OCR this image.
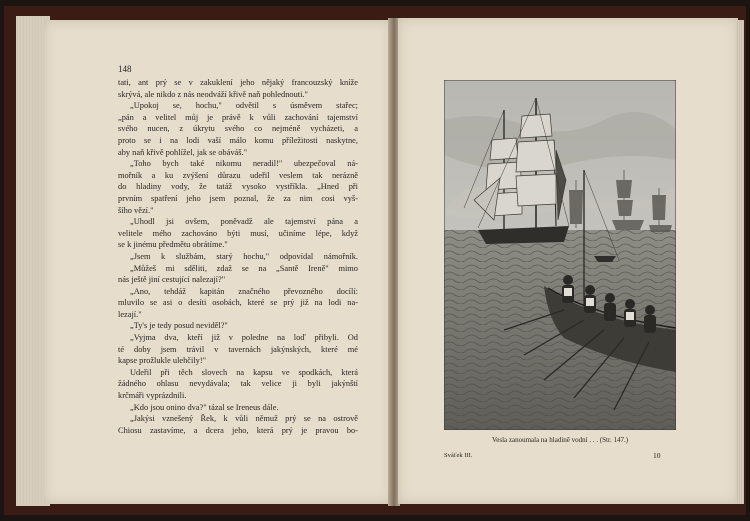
148
tati, ant prý se v zakuklení jeho nějaký francouzský kníže
skrývá, ale nikdo z nás neodváží křivě naň pohlednouti."
„Upokoj se, hochu," odvětil s úsměvem stařec;
„pán a velitel můj je právě k vůli zachování tajemství
svého nucen, z úkrytu svého co nejméně vycházeti, a
proto se i na lodi vaší málo komu příležitosti naskytne,
aby naň křivě pohlížel, jak se obáváš."
„Toho bych také nikomu neradil!" ubezpečoval ná-
mořník a ku zvýšení důrazu udeřil veslem tak nerázně
do hladiny vody, že tatáž vysoko vystříkla. „Hned při
prvním spatření jeho jsem poznal, že za nim cosi vyš-
šího vězí."
„Uhodl jsi ovšem, poněvadž ale tajemství pána a
velitele mého zachováno býti musí, učiníme lépe, když
se k jinému předmětu obrátíme."
„Jsem k službám, starý hochu," odpovídal námořník.
„Můžeš mi sděliti, zdaž se na „Santě Ireně" mimo
nás ještě jiní cestující nalezají?"
„Ano, tehdáž kapitán značného převozného docílí:
mluvilo se asi o desíti osobách, které se prý již na lodi na-
lezají."
„Ty's je tedy posud neviděl?"
„Vyjma dva, kteří již v poledne na loď přibyli. Od
té doby jsem trávil v tavernách jakýnských, které mé
kapse prožlukle ulehčily!"
Udeřil při těch slovech na kapsu ve spodkách, která
žádného ohlasu nevydávala; tak velice ji byli jakýnští
krčmáři vyprázdnili.
„Kdo jsou onino dva?" tázal se Ireneus dále.
„Jakýsi vznešený Řek, k vůli němuž prý se na ostrově
Chiosu zastavíme, a dcera jeho, která prý je pravou bo-
Vesla zanoumala na hladině vodní . . . (Str. 147.)
Sváťek III.	10
